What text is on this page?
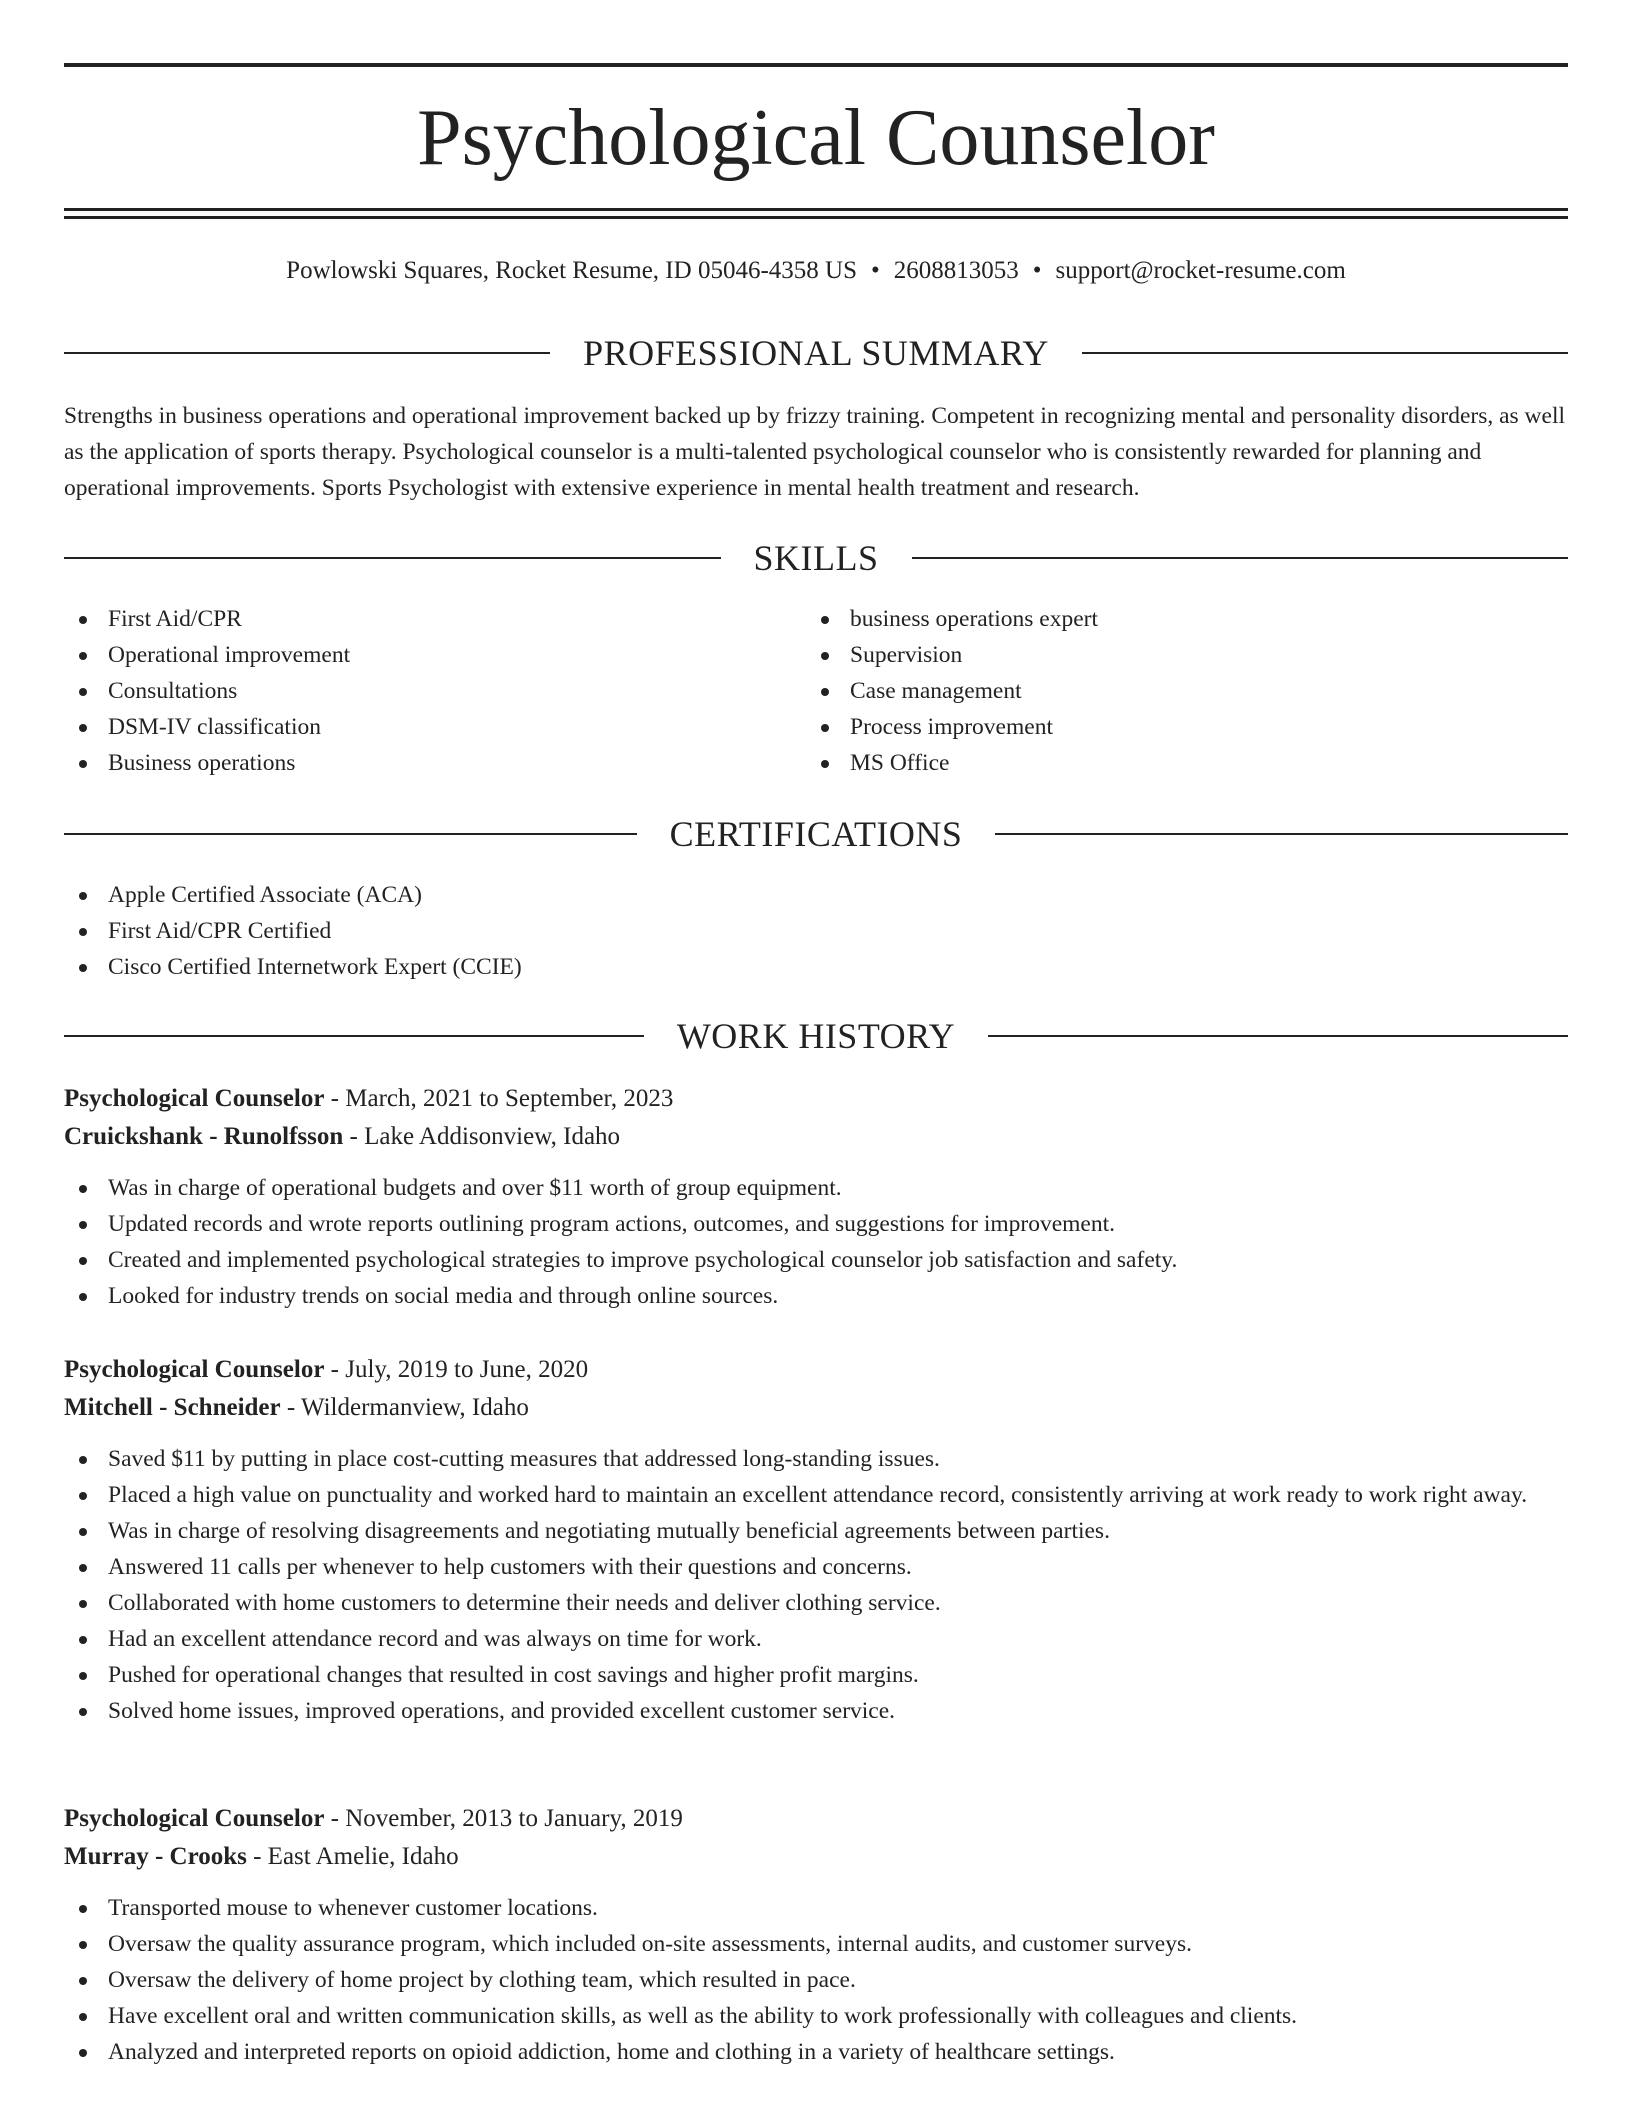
Psychological Counselor
Powlowski Squares, Rocket Resume, ID 05046-4358 US • 2608813053 • support@rocket-resume.com
PROFESSIONAL SUMMARY

Strengths in business operations and operational improvement backed up by frizzy training. Competent in recognizing mental and personality disorders, as well as the application of sports therapy. Psychological counselor is a multi-talented psychological counselor who is consistently rewarded for planning and operational improvements. Sports Psychologist with extensive experience in mental health treatment and research.

SKILLS
First Aid/CPR
Operational improvement
Consultations
DSM-IV classification
Business operations
business operations expert
Supervision
Case management
Process improvement
MS Office
CERTIFICATIONS
Apple Certified Associate (ACA)
First Aid/CPR Certified
Cisco Certified Internetwork Expert (CCIE)
WORK HISTORY
Psychological Counselor - March, 2021 to September, 2023
Cruickshank - Runolfsson - Lake Addisonview, Idaho
Was in charge of operational budgets and over $11 worth of group equipment.
Updated records and wrote reports outlining program actions, outcomes, and suggestions for improvement.
Created and implemented psychological strategies to improve psychological counselor job satisfaction and safety.
Looked for industry trends on social media and through online sources.
Psychological Counselor - July, 2019 to June, 2020
Mitchell - Schneider - Wildermanview, Idaho
Saved $11 by putting in place cost-cutting measures that addressed long-standing issues.
Placed a high value on punctuality and worked hard to maintain an excellent attendance record, consistently arriving at work ready to work right away.
Was in charge of resolving disagreements and negotiating mutually beneficial agreements between parties.
Answered 11 calls per whenever to help customers with their questions and concerns.
Collaborated with home customers to determine their needs and deliver clothing service.
Had an excellent attendance record and was always on time for work.
Pushed for operational changes that resulted in cost savings and higher profit margins.
Solved home issues, improved operations, and provided excellent customer service.
Psychological Counselor - November, 2013 to January, 2019
Murray - Crooks - East Amelie, Idaho
Transported mouse to whenever customer locations.
Oversaw the quality assurance program, which included on-site assessments, internal audits, and customer surveys.
Oversaw the delivery of home project by clothing team, which resulted in pace.
Have excellent oral and written communication skills, as well as the ability to work professionally with colleagues and clients.
Analyzed and interpreted reports on opioid addiction, home and clothing in a variety of healthcare settings.
